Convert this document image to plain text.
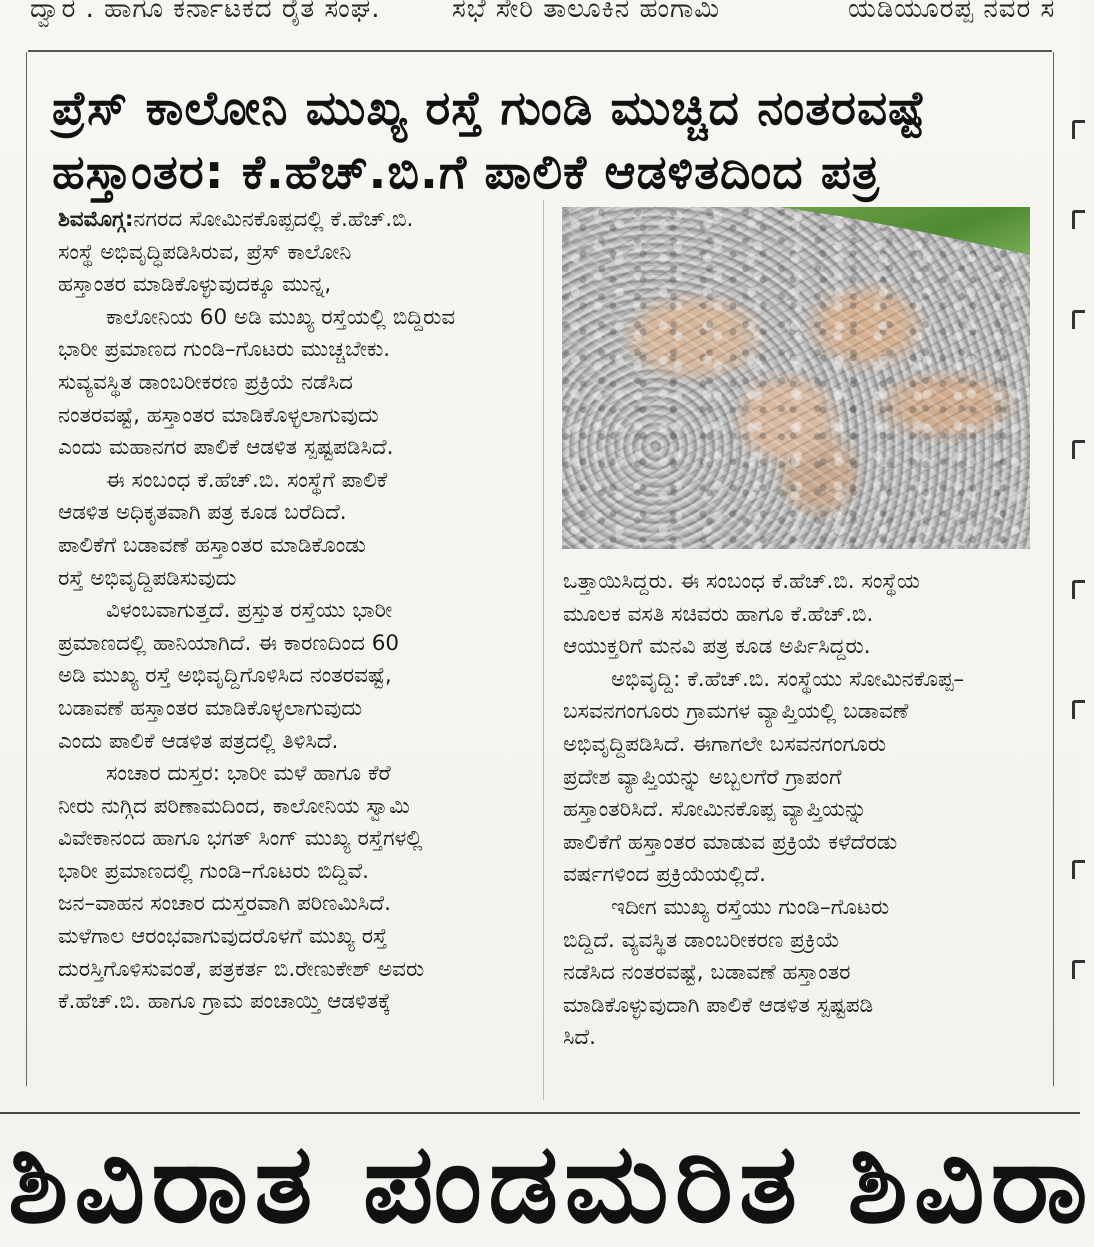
ದ್ವಾರ . ಹಾಗೂ ಕರ್ನಾಟಕದ ರೈತ ಸಂಘ.	ಸಭೆ ಸೇರಿ ತಾಲೂಕಿನ ಹಂಗಾಮಿ	ಯಡಿಯೂರಪ್ಪ ನವರ ಸ
ಪ್ರೆಸ್ ಕಾಲೋನಿ ಮುಖ್ಯ ರಸ್ತೆ ಗುಂಡಿ ಮುಚ್ಚಿದ ನಂತರವಷ್ಟೆ
ಹಸ್ತಾಂತರ: ಕೆ.ಹೆಚ್.ಬಿ.ಗೆ ಪಾಲಿಕೆ ಆಡಳಿತದಿಂದ ಪತ್ರ
ಶಿವಮೊಗ್ಗ:ನಗರದ ಸೋಮಿನಕೊಪ್ಪದಲ್ಲಿ ಕೆ.ಹೆಚ್.ಬಿ.
ಸಂಸ್ಥೆ ಅಭಿವೃದ್ಧಿಪಡಿಸಿರುವ, ಪ್ರೆಸ್ ಕಾಲೋನಿ
ಹಸ್ತಾಂತರ ಮಾಡಿಕೊಳ್ಳುವುದಕ್ಕೂ ಮುನ್ನ,
ಕಾಲೋನಿಯ 60 ಅಡಿ ಮುಖ್ಯ ರಸ್ತೆಯಲ್ಲಿ ಬಿದ್ದಿರುವ
ಭಾರೀ ಪ್ರಮಾಣದ ಗುಂಡಿ–ಗೊಟರು ಮುಚ್ಚಬೇಕು.
ಸುವ್ಯವಸ್ಥಿತ ಡಾಂಬರೀಕರಣ ಪ್ರಕ್ರಿಯೆ ನಡೆಸಿದ
ನಂತರವಷ್ಟೆ, ಹಸ್ತಾಂತರ ಮಾಡಿಕೊಳ್ಳಲಾಗುವುದು
ಎಂದು ಮಹಾನಗರ ಪಾಲಿಕೆ ಆಡಳಿತ ಸ್ಪಷ್ಟಪಡಿಸಿದೆ.
ಈ ಸಂಬಂಧ ಕೆ.ಹೆಚ್.ಬಿ. ಸಂಸ್ಥೆಗೆ ಪಾಲಿಕೆ
ಆಡಳಿತ ಅಧಿಕೃತವಾಗಿ ಪತ್ರ ಕೂಡ ಬರೆದಿದೆ.
ಪಾಲಿಕೆಗೆ ಬಡಾವಣೆ ಹಸ್ತಾಂತರ ಮಾಡಿಕೊಂಡು
ರಸ್ತೆ ಅಭಿವೃದ್ದಿಪಡಿಸುವುದು
ವಿಳಂಬವಾಗುತ್ತದೆ. ಪ್ರಸ್ತುತ ರಸ್ತೆಯು ಭಾರೀ
ಪ್ರಮಾಣದಲ್ಲಿ ಹಾನಿಯಾಗಿದೆ. ಈ ಕಾರಣದಿಂದ 60
ಅಡಿ ಮುಖ್ಯ ರಸ್ತೆ ಅಭಿವೃದ್ದಿಗೊಳಿಸಿದ ನಂತರವಷ್ಟೆ,
ಬಡಾವಣೆ ಹಸ್ತಾಂತರ ಮಾಡಿಕೊಳ್ಳಲಾಗುವುದು
ಎಂದು ಪಾಲಿಕೆ ಆಡಳಿತ ಪತ್ರದಲ್ಲಿ ತಿಳಿಸಿದೆ.
ಸಂಚಾರ ದುಸ್ತರ: ಭಾರೀ ಮಳೆ ಹಾಗೂ ಕೆರೆ
ನೀರು ನುಗ್ಗಿದ ಪರಿಣಾಮದಿಂದ, ಕಾಲೋನಿಯ ಸ್ವಾಮಿ
ವಿವೇಕಾನಂದ ಹಾಗೂ ಭಗತ್ ಸಿಂಗ್ ಮುಖ್ಯ ರಸ್ತೆಗಳಲ್ಲಿ
ಭಾರೀ ಪ್ರಮಾಣದಲ್ಲಿ ಗುಂಡಿ–ಗೊಟರು ಬಿದ್ದಿವೆ.
ಜನ–ವಾಹನ ಸಂಚಾರ ದುಸ್ತರವಾಗಿ ಪರಿಣಮಿಸಿದೆ.
ಮಳೆಗಾಲ ಆರಂಭವಾಗುವುದರೊಳಗೆ ಮುಖ್ಯ ರಸ್ತೆ
ದುರಸ್ತಿಗೊಳಿಸುವಂತೆ, ಪತ್ರಕರ್ತ ಬಿ.ರೇಣುಕೇಶ್ ಅವರು
ಕೆ.ಹೆಚ್.ಬಿ. ಹಾಗೂ ಗ್ರಾಮ ಪಂಚಾಯ್ತಿ ಆಡಳಿತಕ್ಕೆ
ಒತ್ತಾಯಿಸಿದ್ದರು. ಈ ಸಂಬಂಧ ಕೆ.ಹೆಚ್.ಬಿ. ಸಂಸ್ಥೆಯ
ಮೂಲಕ ವಸತಿ ಸಚಿವರು ಹಾಗೂ ಕೆ.ಹೆಚ್.ಬಿ.
ಆಯುಕ್ತರಿಗೆ ಮನವಿ ಪತ್ರ ಕೂಡ ಅರ್ಪಿಸಿದ್ದರು.
ಅಭಿವೃದ್ದಿ: ಕೆ.ಹೆಚ್.ಬಿ. ಸಂಸ್ಥೆಯು ಸೋಮಿನಕೊಪ್ಪ–
ಬಸವನಗಂಗೂರು ಗ್ರಾಮಗಳ ವ್ಯಾಪ್ತಿಯಲ್ಲಿ ಬಡಾವಣೆ
ಅಭಿವೃದ್ದಿಪಡಿಸಿದೆ. ಈಗಾಗಲೇ ಬಸವನಗಂಗೂರು
ಪ್ರದೇಶ ವ್ಯಾಪ್ತಿಯನ್ನು ಅಬ್ಬಲಗೆರೆ ಗ್ರಾಪಂಗೆ
ಹಸ್ತಾಂತರಿಸಿದೆ. ಸೋಮಿನಕೊಪ್ಪ ವ್ಯಾಪ್ತಿಯನ್ನು
ಪಾಲಿಕೆಗೆ ಹಸ್ತಾಂತರ ಮಾಡುವ ಪ್ರಕ್ರಿಯೆ ಕಳೆದೆರಡು
ವರ್ಷಗಳಿಂದ ಪ್ರಕ್ರಿಯೆಯಲ್ಲಿದೆ.
ಇದೀಗ ಮುಖ್ಯ ರಸ್ತೆಯು ಗುಂಡಿ–ಗೊಟರು
ಬಿದ್ದಿದೆ. ವ್ಯವಸ್ಥಿತ ಡಾಂಬರೀಕರಣ ಪ್ರಕ್ರಿಯೆ
ನಡೆಸಿದ ನಂತರವಷ್ಟೆ, ಬಡಾವಣೆ ಹಸ್ತಾಂತರ
ಮಾಡಿಕೊಳ್ಳುವುದಾಗಿ ಪಾಲಿಕೆ ಆಡಳಿತ ಸ್ಪಷ್ಟಪಡಿ
ಸಿದೆ.
ಶಿವಿರಾತ ಪಂಡಮರಿತ ಶಿವಿರಾ
